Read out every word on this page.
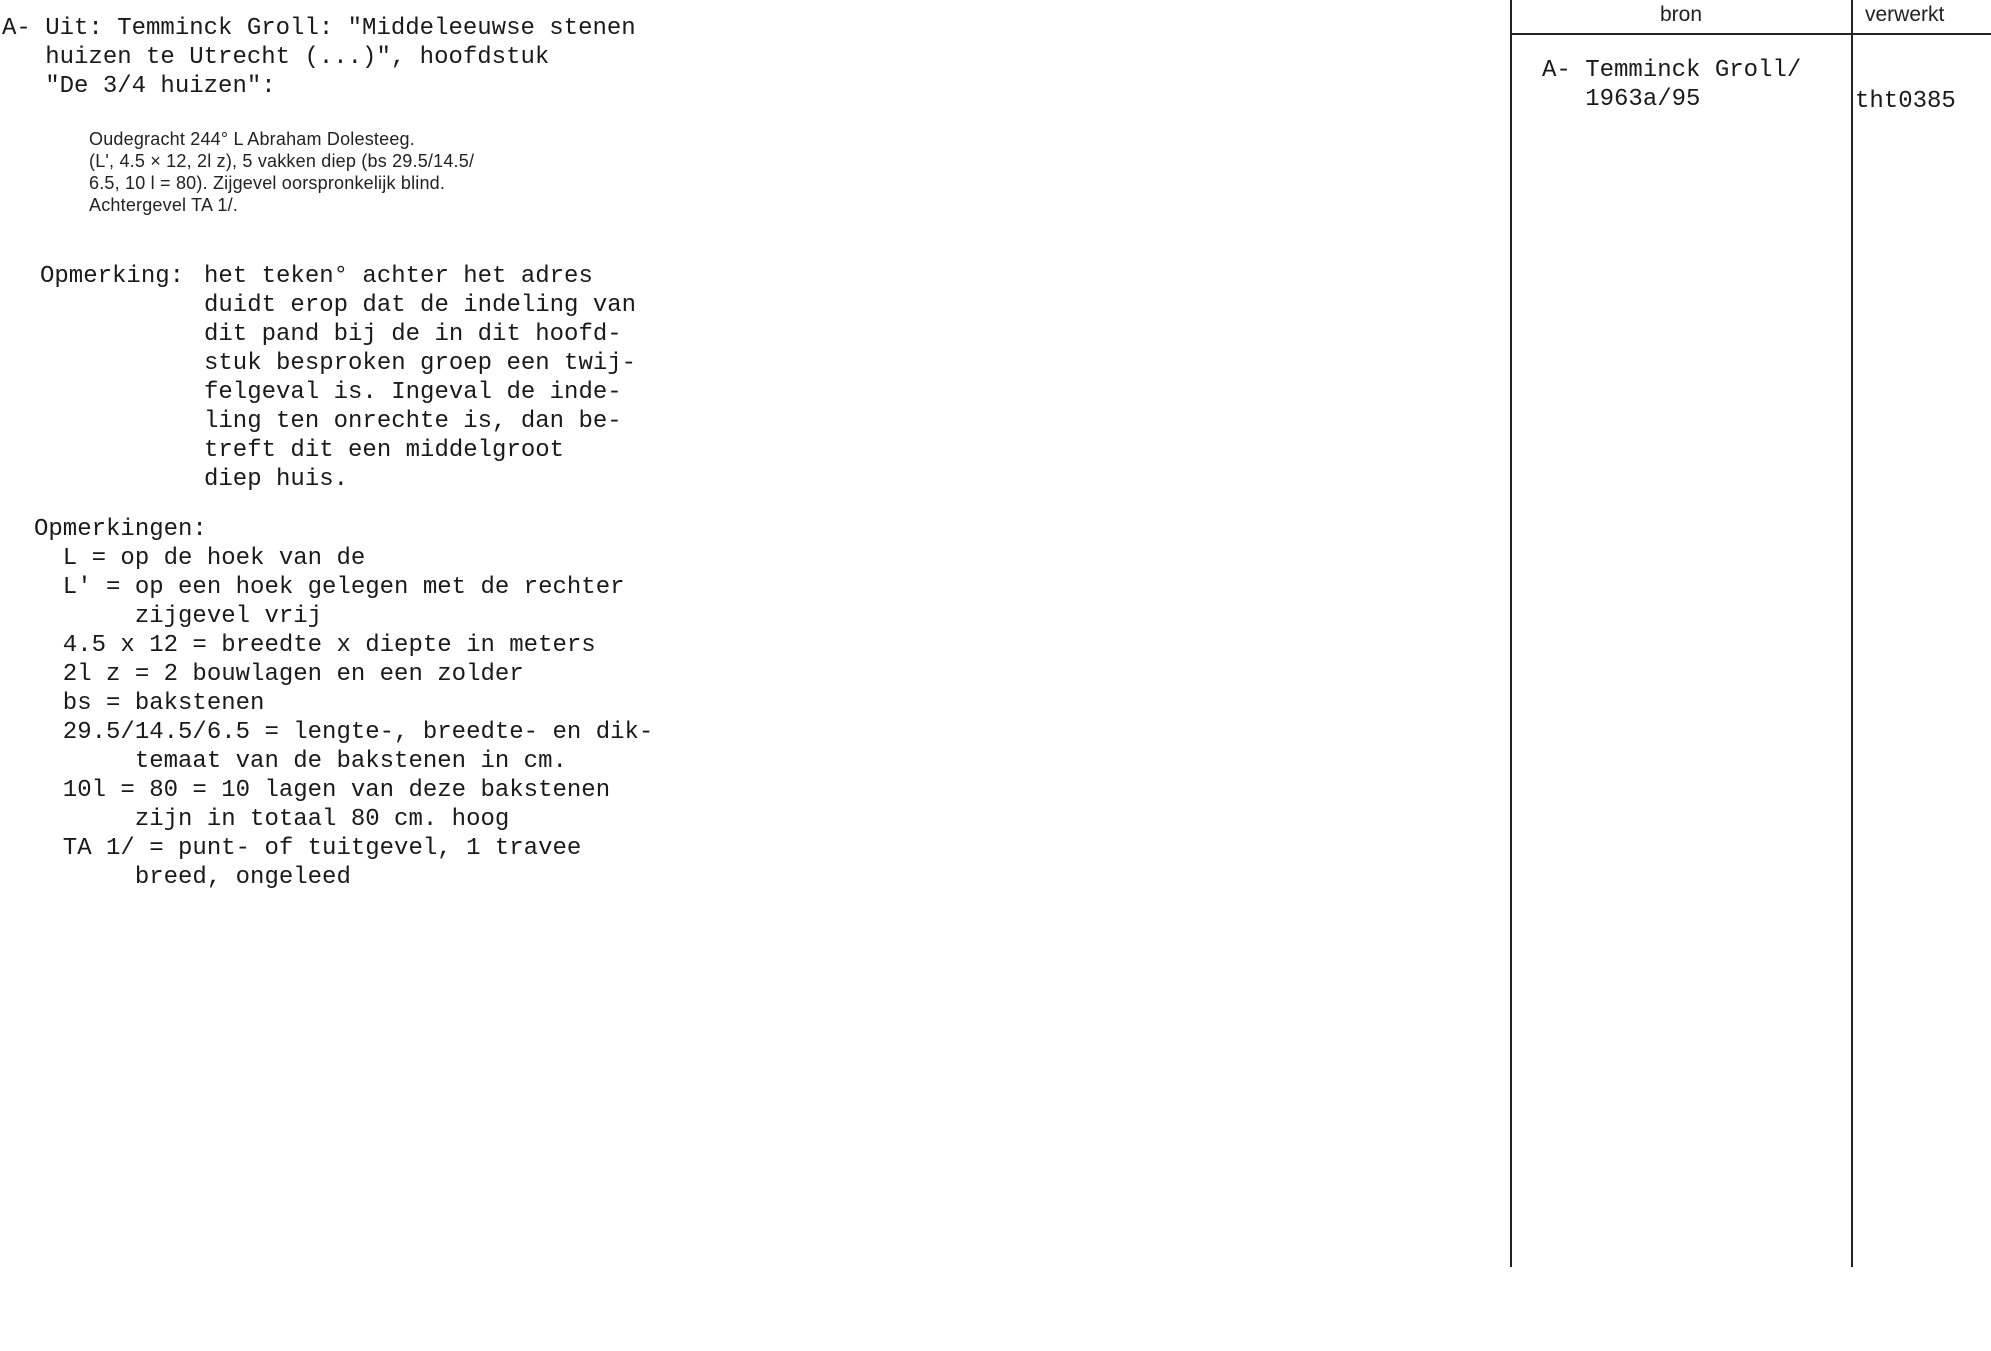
A- Uit: Temminck Groll: "Middeleeuwse stenen
huizen te Utrecht (...)", hoofdstuk
"De 3/4 huizen":
Oudegracht 244° L Abraham Dolesteeg.
(L', 4.5 × 12, 2l z), 5 vakken diep (bs 29.5/14.5/
6.5, 10 l = 80). Zijgevel oorspronkelijk blind.
Achtergevel TA 1/.
Opmerking: het teken° achter het adres
duidt erop dat de indeling van
dit pand bij de in dit hoofd-
stuk besproken groep een twij-
felgeval is. Ingeval de inde-
ling ten onrechte is, dan be-
treft dit een middelgroot
diep huis.
Opmerkingen:
L = op de hoek van de
L' = op een hoek gelegen met de rechter
zijgevel vrij
4.5 x 12 = breedte x diepte in meters
2l z = 2 bouwlagen en een zolder
bs = bakstenen
29.5/14.5/6.5 = lengte-, breedte- en dik-
temaat van de bakstenen in cm.
10l = 80 = 10 lagen van deze bakstenen
zijn in totaal 80 cm. hoog
TA 1/ = punt- of tuitgevel, 1 travee
breed, ongeleed
bron	verwerkt
A- Temminck Groll/
1963a/95	tht0385
